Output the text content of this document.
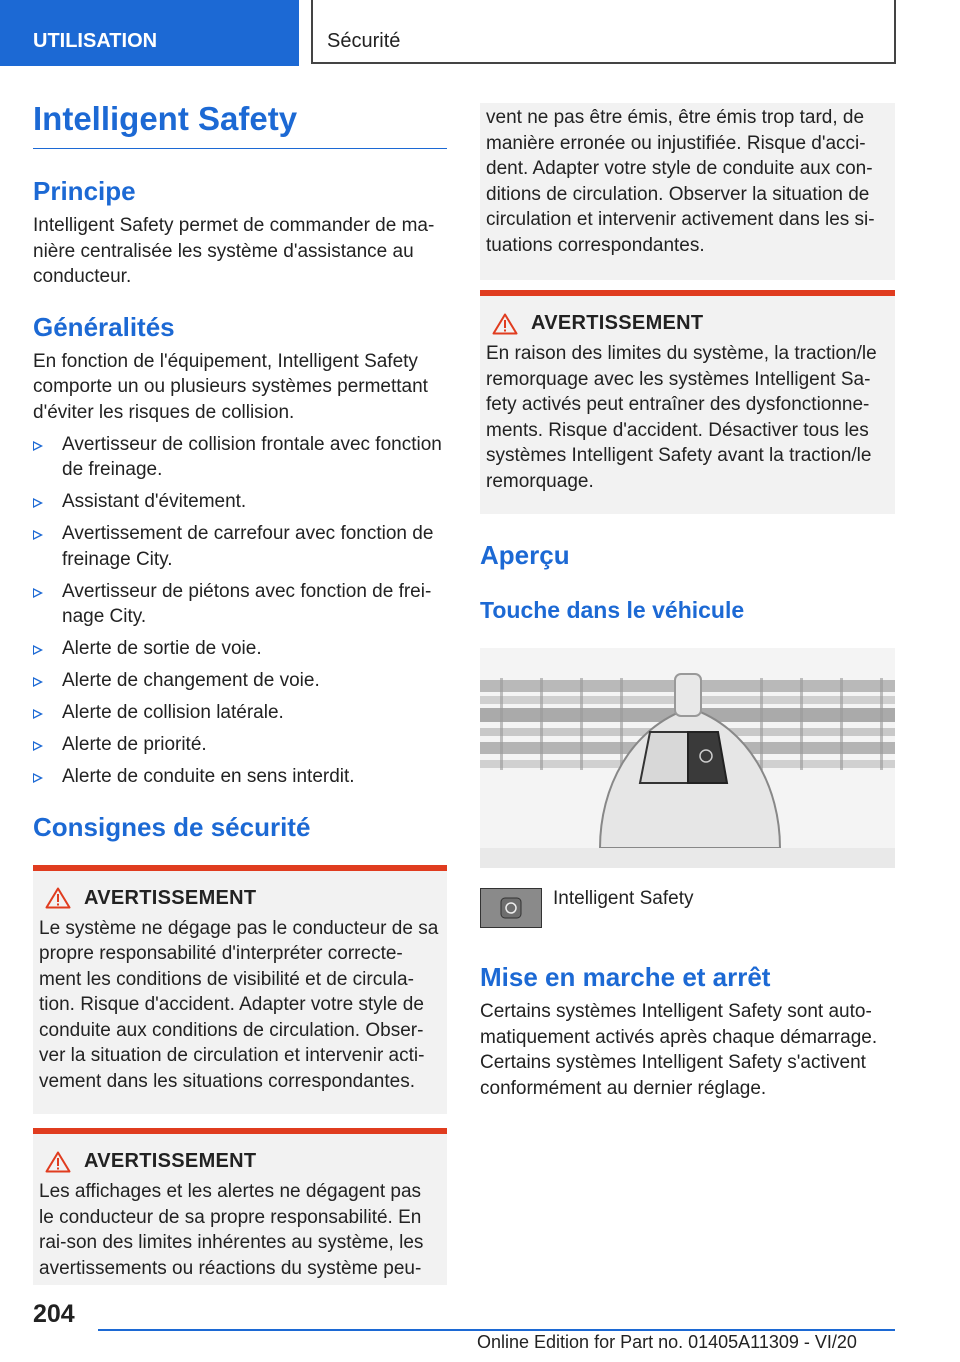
UTILISATION	Sécurité
Intelligent Safety
Principe

Intelligent Safety permet de commander de ma-nière centralisée les système d'assistance au conducteur.

Généralités

En fonction de l'équipement, Intelligent Safety comporte un ou plusieurs systèmes permettant d'éviter les risques de collision.

Avertisseur de collision frontale avec fonction de freinage.
Assistant d'évitement.
Avertissement de carrefour avec fonction de freinage City.
Avertisseur de piétons avec fonction de frei-nage City.
Alerte de sortie de voie.
Alerte de changement de voie.
Alerte de collision latérale.
Alerte de priorité.
Alerte de conduite en sens interdit.
Consignes de sécurité
AVERTISSEMENT

Le système ne dégage pas le conducteur de sa propre responsabilité d'interpréter correcte-ment les conditions de visibilité et de circula-tion. Risque d'accident. Adapter votre style de conduite aux conditions de circulation. Obser-ver la situation de circulation et intervenir acti-vement dans les situations correspondantes.

AVERTISSEMENT

Les affichages et les alertes ne dégagent pas le conducteur de sa propre responsabilité. En rai-son des limites inhérentes au système, les avertissements ou réactions du système peu-

vent ne pas être émis, être émis trop tard, de manière erronée ou injustifiée. Risque d'acci-dent. Adapter votre style de conduite aux con-ditions de circulation. Observer la situation de circulation et intervenir activement dans les si-tuations correspondantes.

AVERTISSEMENT

En raison des limites du système, la traction/le remorquage avec les systèmes Intelligent Sa-fety activés peut entraîner des dysfonctionne-ments. Risque d'accident. Désactiver tous les systèmes Intelligent Safety avant la traction/le remorquage.

Aperçu
Touche dans le véhicule
Intelligent Safety
Mise en marche et arrêt

Certains systèmes Intelligent Safety sont auto-matiquement activés après chaque démarrage. Certains systèmes Intelligent Safety s'activent conformément au dernier réglage.

204
Online Edition for Part no. 01405A11309 - VI/20
